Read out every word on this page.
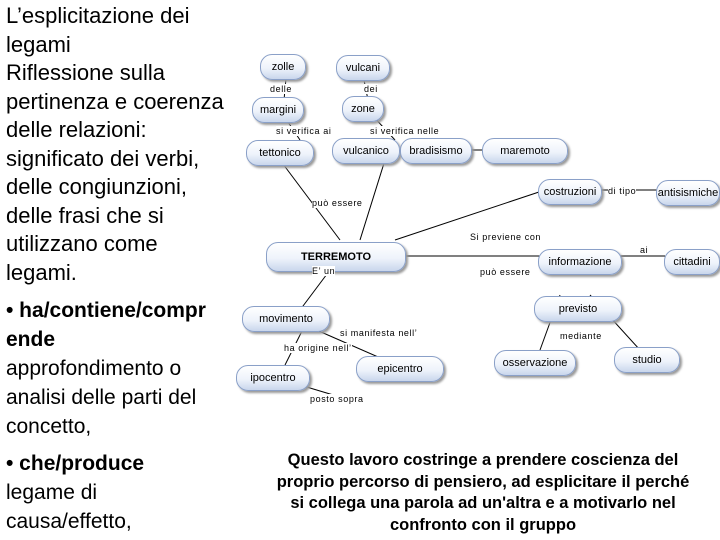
L’esplicitazione dei

legami

Riflessione sulla

pertinenza e coerenza

delle relazioni:

significato dei verbi,

delle congiunzioni,

delle frasi che si

utilizzano come

legami.

• ha/contiene/compr

ende

approfondimento o

analisi delle parti del

concetto,

• che/produce

legame di

causa/effetto,

zolle	vulcani
margini	zone
tettonico	vulcanico	bradisismo	maremoto
costruzioni	antisismiche
TERREMOTO	informazione	cittadini
movimento
previsto
ipocentro
epicentro	osservazione	studio
delle	dei
si verifica ai	si verifica nelle
può essere
di tipo
Si previene con
ai
E’ un	può essere
si manifesta nell’
ha origine nell’
mediante
posto sopra
Questo lavoro costringe a prendere coscienza del
proprio percorso di pensiero, ad esplicitare il perché
si collega una parola ad un'altra e a motivarlo nel
confronto con il gruppo
